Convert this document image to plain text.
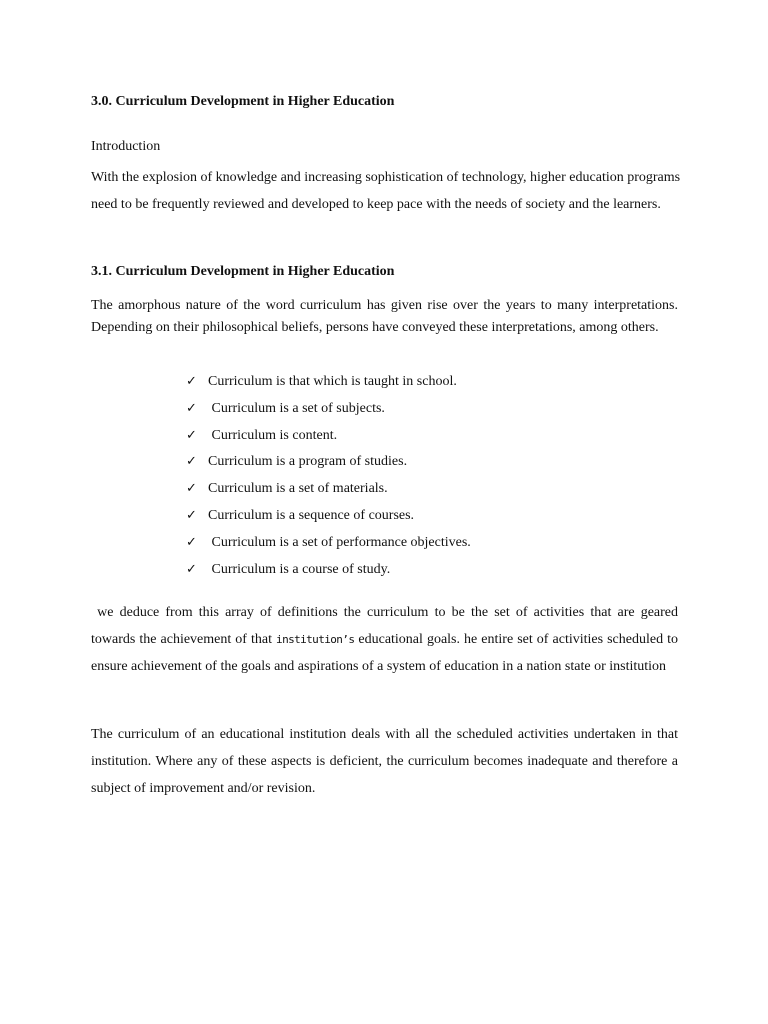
3.0. Curriculum Development in Higher Education
Introduction

With the explosion of knowledge and increasing sophistication of technology, higher education programs need to be frequently reviewed and developed to keep pace with the needs of society and the learners.

3.1. Curriculum Development in Higher Education

The amorphous nature of the word curriculum has given rise over the years to many interpretations. Depending on their philosophical beliefs, persons have conveyed these interpretations, among others.

✓ Curriculum is that which is taught in school.
✓ Curriculum is a set of subjects.
✓ Curriculum is content.
✓ Curriculum is a program of studies.
✓ Curriculum is a set of materials.
✓ Curriculum is a sequence of courses.
✓ Curriculum is a set of performance objectives.
✓ Curriculum is a course of study.

we deduce from this array of definitions the curriculum to be the set of activities that are geared towards the achievement of that institution’s educational goals. he entire set of activities scheduled to ensure achievement of the goals and aspirations of a system of education in a nation state or institution

The curriculum of an educational institution deals with all the scheduled activities undertaken in that institution. Where any of these aspects is deficient, the curriculum becomes inadequate and therefore a subject of improvement and/or revision.
